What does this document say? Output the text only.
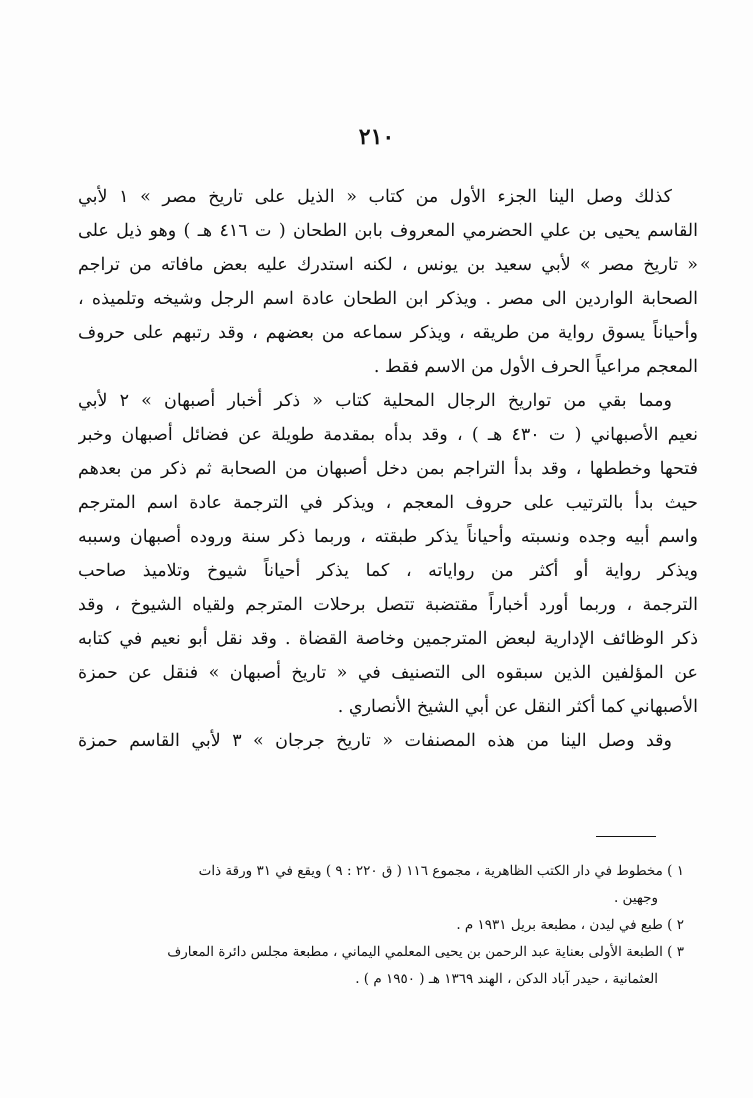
٢١٠
كذلك وصل الينا الجزء الأول من كتاب « الذيل على تاريخ مصر » ١ لأبي
القاسم يحيى بن علي الحضرمي المعروف بابن الطحان ( ت ٤١٦ هـ ) وهو ذيل على
« تاريخ مصر » لأبي سعيد بن يونس ، لكنه استدرك عليه بعض مافاته من تراجم
الصحابة الواردين الى مصر . ويذكر ابن الطحان عادة اسم الرجل وشيخه وتلميذه ،
وأحياناً يسوق رواية من طريقه ، ويذكر سماعه من بعضهم ، وقد رتبهم على حروف
المعجم مراعياً الحرف الأول من الاسم فقط .
ومما بقي من تواريخ الرجال المحلية كتاب « ذكر أخبار أصبهان » ٢ لأبي
نعيم الأصبهاني ( ت ٤٣٠ هـ ) ، وقد بدأه بمقدمة طويلة عن فضائل أصبهان وخبر
فتحها وخططها ، وقد بدأ التراجم بمن دخل أصبهان من الصحابة ثم ذكر من بعدهم
حيث بدأ بالترتيب على حروف المعجم ، ويذكر في الترجمة عادة اسم المترجم
واسم أبيه وجده ونسبته وأحياناً يذكر طبقته ، وربما ذكر سنة وروده أصبهان وسببه
ويذكر رواية أو أكثر من رواياته ، كما يذكر أحياناً شيوخ وتلاميذ صاحب
الترجمة ، وربما أورد أخباراً مقتضبة تتصل برحلات المترجم ولقياه الشيوخ ، وقد
ذكر الوظائف الإدارية لبعض المترجمين وخاصة القضاة . وقد نقل أبو نعيم في كتابه
عن المؤلفين الذين سبقوه الى التصنيف في « تاريخ أصبهان » فنقل عن حمزة
الأصبهاني كما أكثر النقل عن أبي الشيخ الأنصاري .
وقد وصل الينا من هذه المصنفات « تاريخ جرجان » ٣ لأبي القاسم حمزة
١ ) مخطوط في دار الكتب الظاهرية ، مجموع ١١٦ ( ق ٢٢٠ : ٩ ) ويقع في ٣١ ورقة ذات
وجهين .
٢ ) طبع في ليدن ، مطبعة بريل ١٩٣١ م .
٣ ) الطبعة الأولى بعناية عبد الرحمن بن يحيى المعلمي اليماني ، مطبعة مجلس دائرة المعارف
العثمانية ، حيدر آباد الدكن ، الهند ١٣٦٩ هـ ( ١٩٥٠ م ) .
